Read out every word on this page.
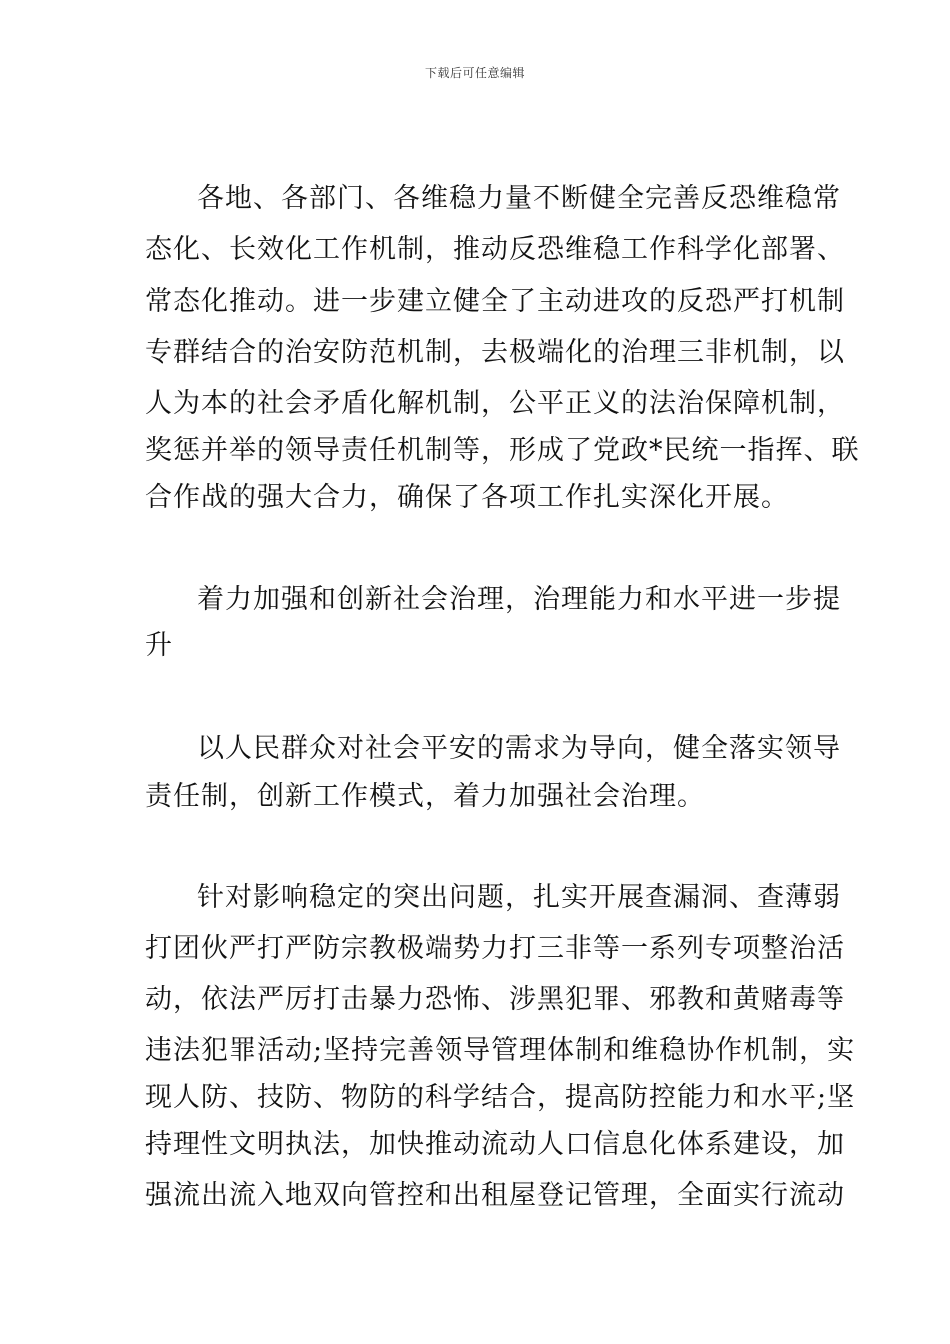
下载后可任意编辑
各地、各部门、各维稳力量不断健全完善反恐维稳常
态化、长效化工作机制，推动反恐维稳工作科学化部署、
常态化推动。进一步建立健全了主动进攻的反恐严打机制
专群结合的治安防范机制，去极端化的治理三非机制，以
人为本的社会矛盾化解机制，公平正义的法治保障机制，
奖惩并举的领导责任机制等，形成了党政*民统一指挥、联
合作战的强大合力，确保了各项工作扎实深化开展。
着力加强和创新社会治理，治理能力和水平进一步提
升
以人民群众对社会平安的需求为导向，健全落实领导
责任制，创新工作模式，着力加强社会治理。
针对影响稳定的突出问题，扎实开展查漏洞、查薄弱
打团伙严打严防宗教极端势力打三非等一系列专项整治活
动，依法严厉打击暴力恐怖、涉黑犯罪、邪教和黄赌毒等
违法犯罪活动;坚持完善领导管理体制和维稳协作机制，实
现人防、技防、物防的科学结合，提高防控能力和水平;坚
持理性文明执法，加快推动流动人口信息化体系建设，加
强流出流入地双向管控和出租屋登记管理，全面实行流动
